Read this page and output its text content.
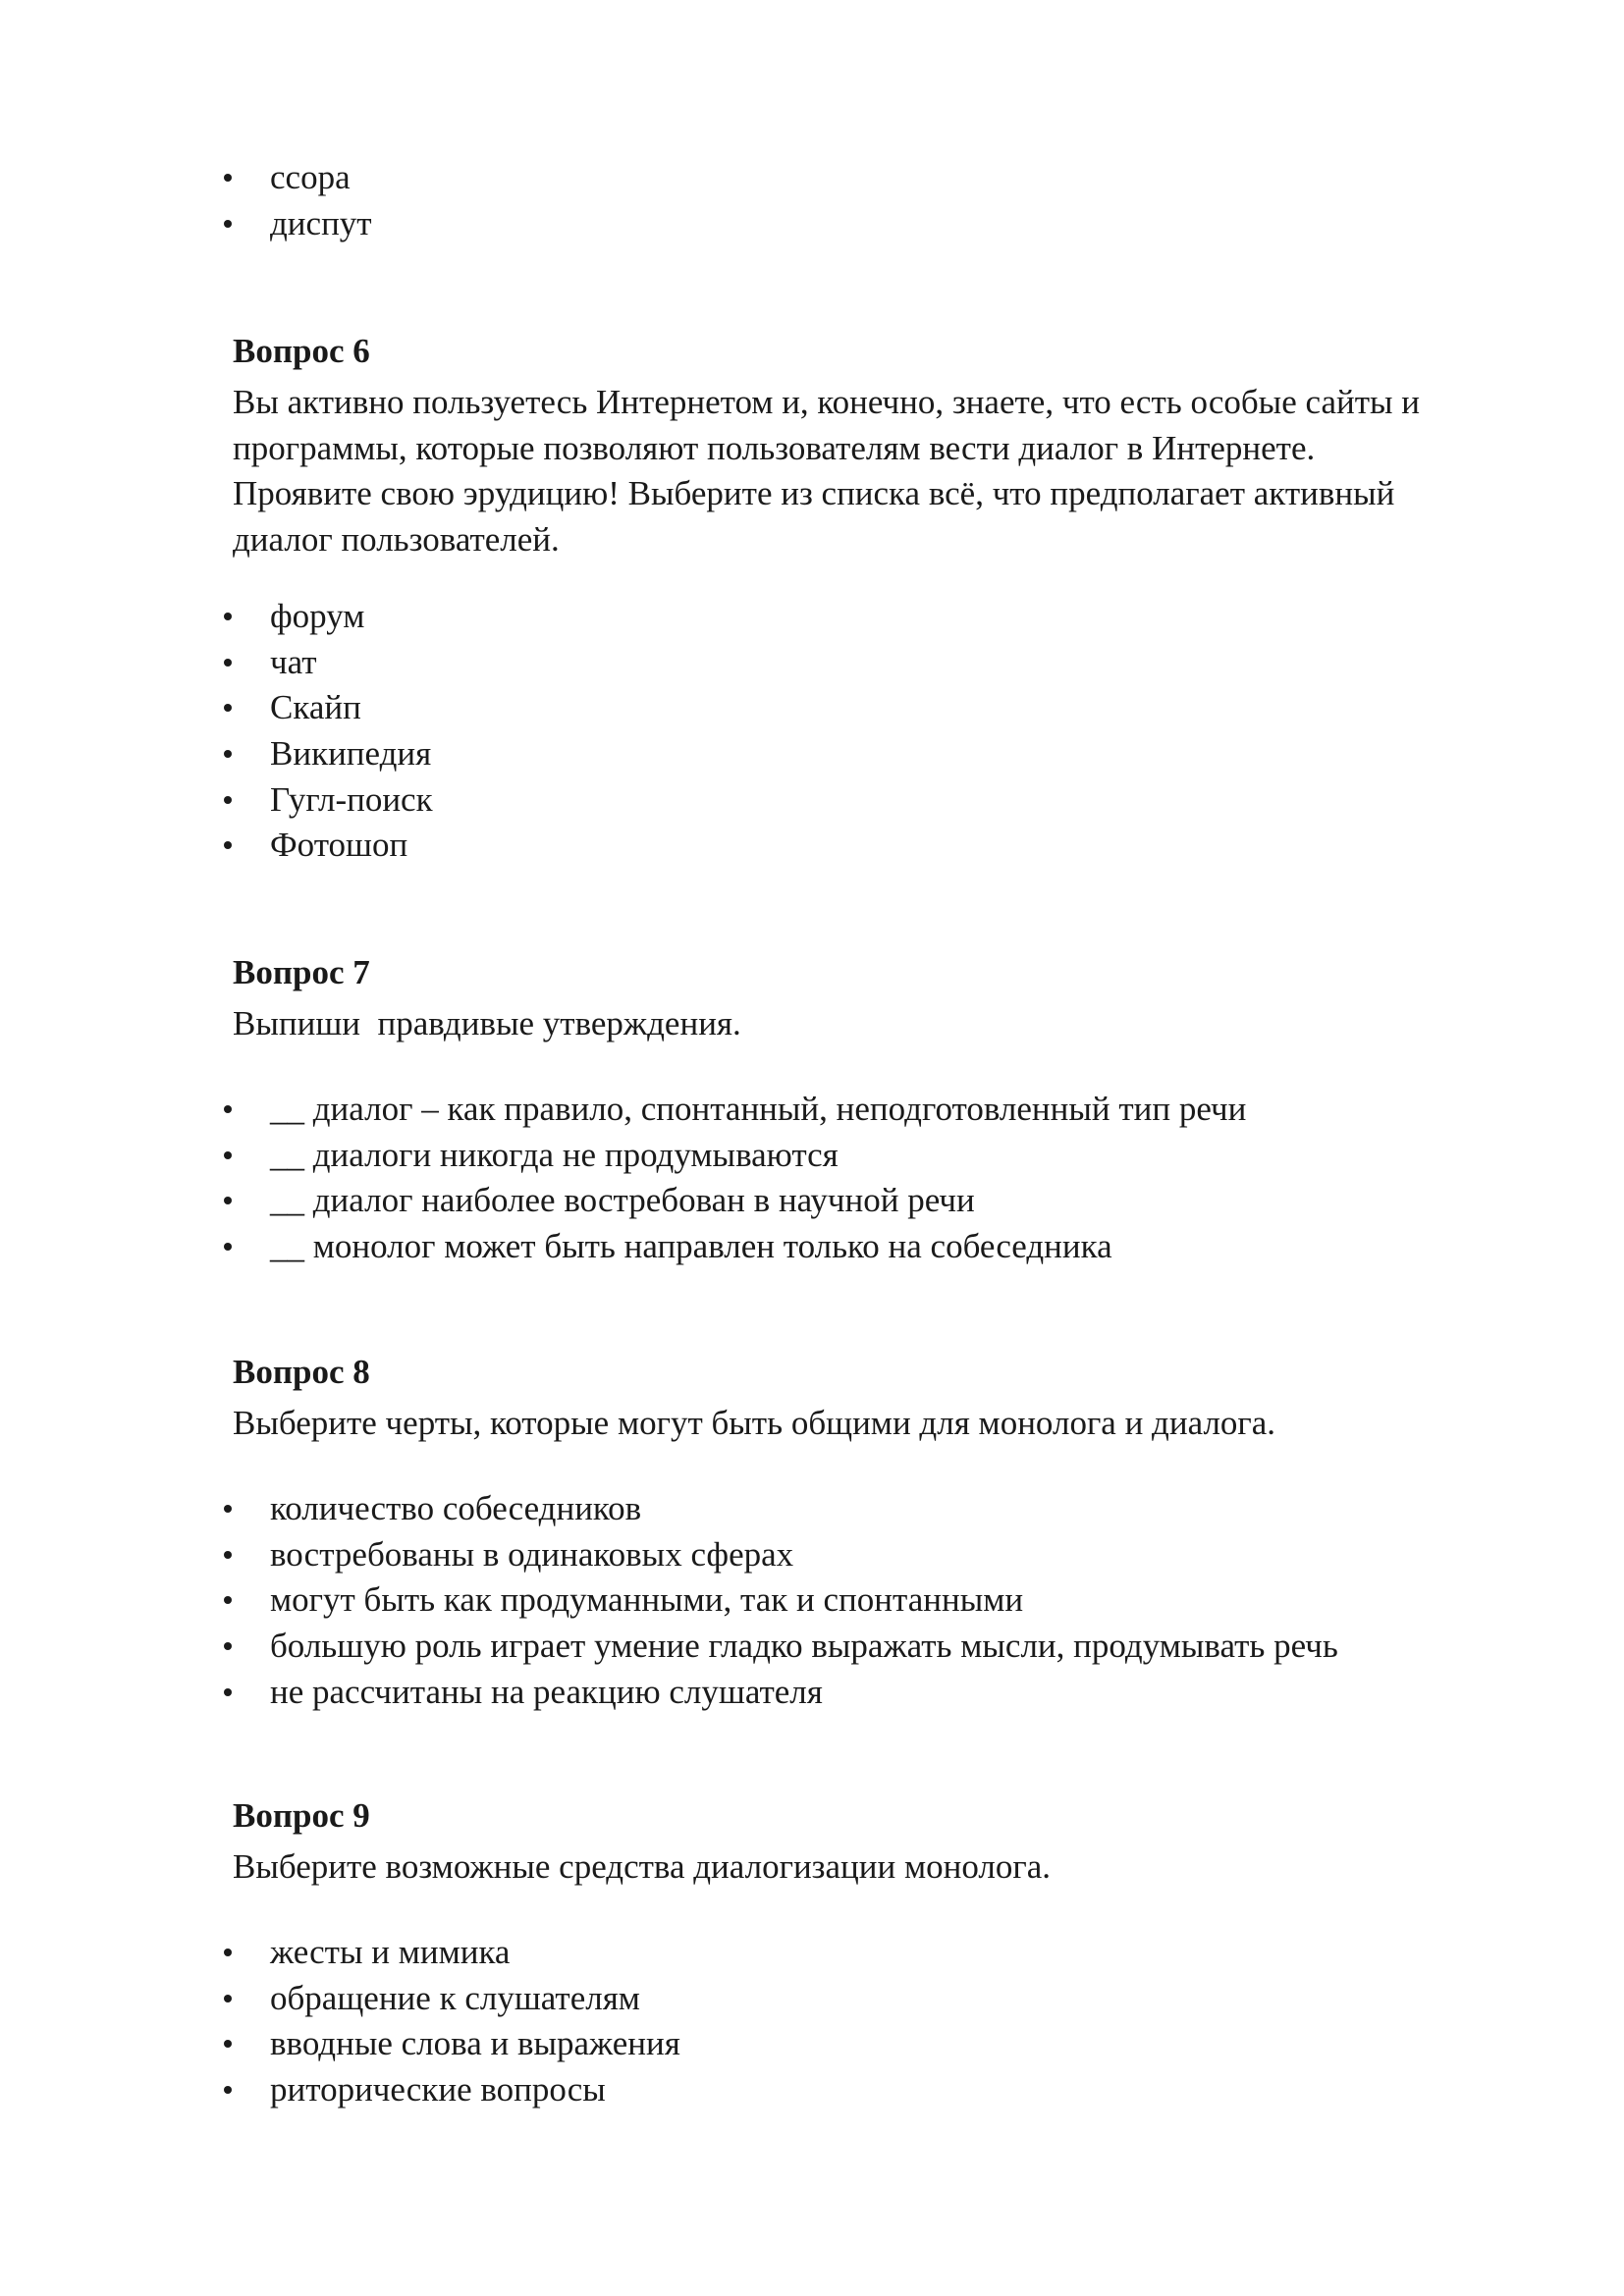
ссора
диспут
Вопрос 6

Вы активно пользуетесь Интернетом и, конечно, знаете, что есть особые сайты и программы, которые позволяют пользователям вести диалог в Интернете. Проявите свою эрудицию! Выберите из списка всё, что предполагает активный диалог пользователей.

форум
чат
Скайп
Википедия
Гугл-поиск
Фотошоп
Вопрос 7

Выпиши  правдивые утверждения.

__ диалог – как правило, спонтанный, неподготовленный тип речи
__ диалоги никогда не продумываются
__ диалог наиболее востребован в научной речи
__ монолог может быть направлен только на собеседника
Вопрос 8

Выберите черты, которые могут быть общими для монолога и диалога.

количество собеседников
востребованы в одинаковых сферах
могут быть как продуманными, так и спонтанными
большую роль играет умение гладко выражать мысли, продумывать речь
не рассчитаны на реакцию слушателя
Вопрос 9

Выберите возможные средства диалогизации монолога.

жесты и мимика
обращение к слушателям
вводные слова и выражения
риторические вопросы
